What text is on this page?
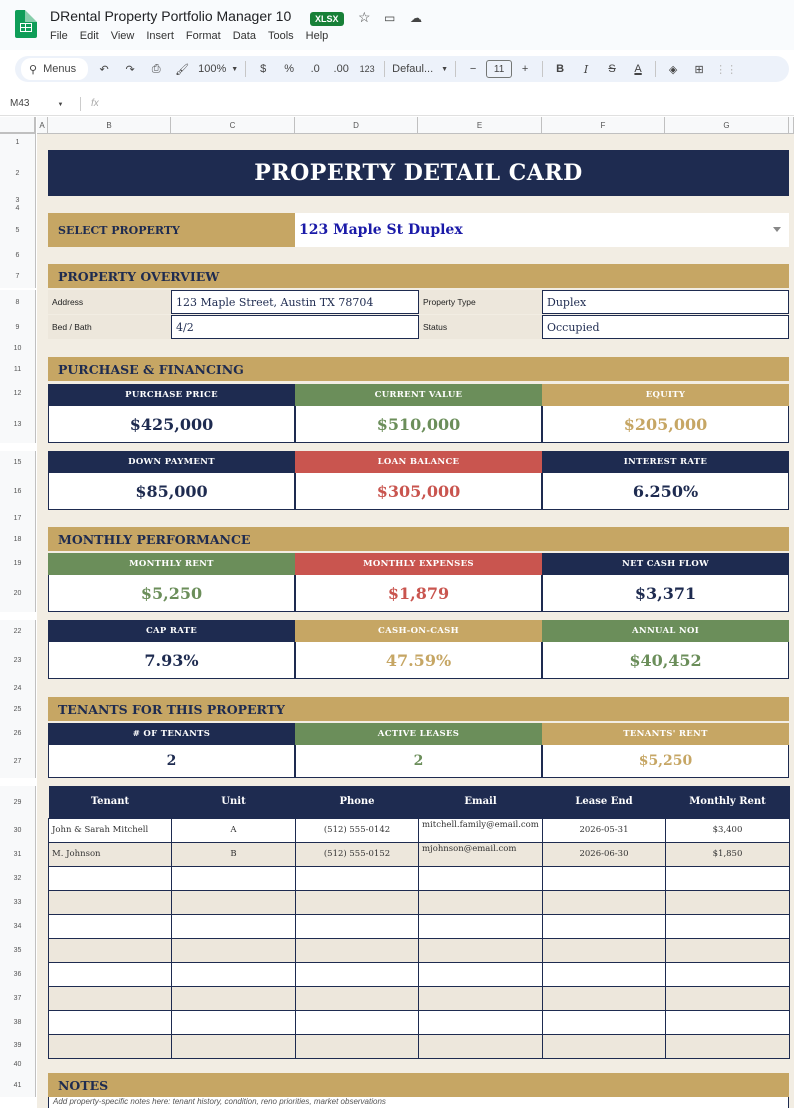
DRental Property Portfolio Manager 10	XLSX	☆ ▭ ☁
File Edit View Insert Format Data Tools Help
⚲ Menus	↶	↷	⎙	🖌︎ 100% ▼	$	%	.0	.00 123 Defaul... ▼	−	11	+	B	I	S	A	◈	⊞	⋮⋮
M43	▼	fx
A	B	C	D	E	F	G
1
2
3
4
5
6
7
8
9
10
11
12
13
15
16
17
18
19
20
22
23
24
25
26
27
29
30
31
32
33
34
35
36
37
38
39
40
41
PROPERTY DETAIL CARD
SELECT PROPERTY	123 Maple St Duplex
PROPERTY OVERVIEW
Address	123 Maple Street, Austin TX 78704	Property Type	Duplex
Bed / Bath	4/2	Status	Occupied
PURCHASE & FINANCING
PURCHASE PRICE	CURRENT VALUE	EQUITY
$425,000	$510,000	$205,000
DOWN PAYMENT	LOAN BALANCE	INTEREST RATE
$85,000	$305,000	6.250%
MONTHLY PERFORMANCE
MONTHLY RENT	MONTHLY EXPENSES	NET CASH FLOW
$5,250	$1,879	$3,371
CAP RATE	CASH-ON-CASH	ANNUAL NOI
7.93%	47.59%	$40,452
TENANTS FOR THIS PROPERTY
# OF TENANTS	ACTIVE LEASES	TENANTS' RENT
2	2	$5,250
Tenant	Unit	Phone	Email	Lease End	Monthly Rent
John & Sarah Mitchell	A	(512) 555-0142	mitchell.family@email.com	2026-05-31	$3,400
M. Johnson	B	(512) 555-0152	mjohnson@email.com	2026-06-30	$1,850

NOTES
Add property-specific notes here: tenant history, condition, reno priorities, market observations
